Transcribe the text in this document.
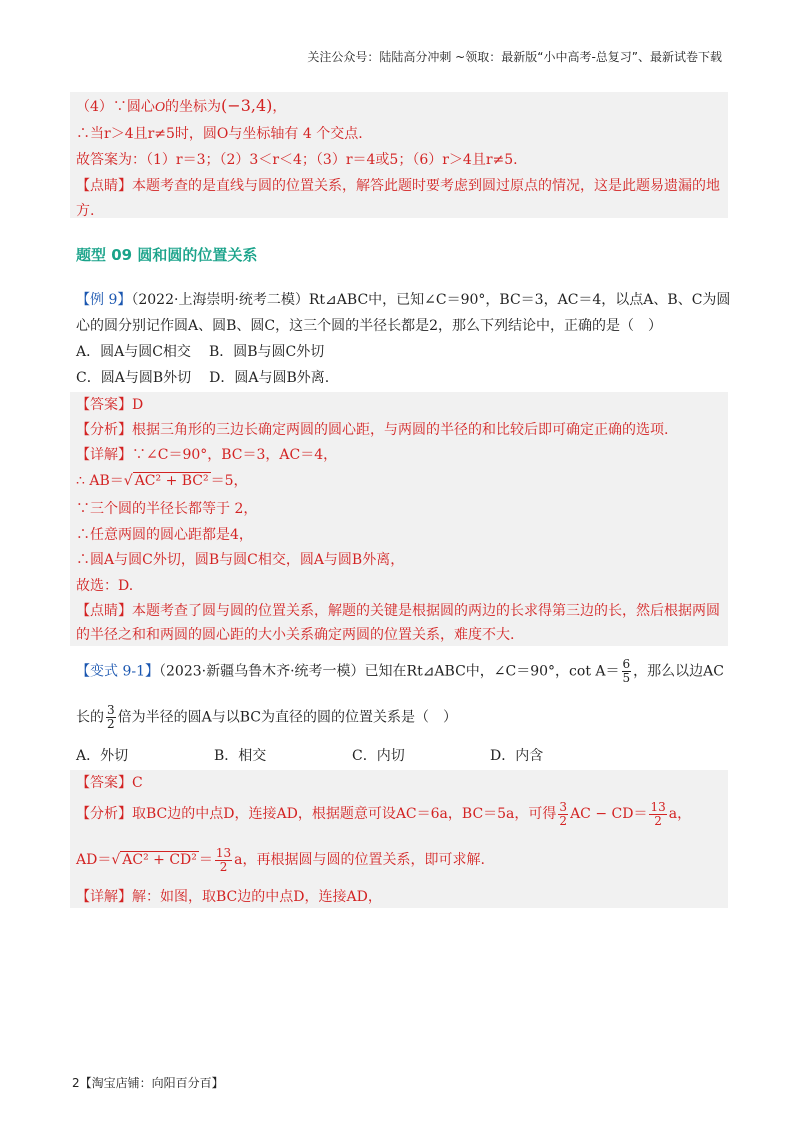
关注公众号：陆陆高分冲刺 ~领取：最新版“小中高考-总复习”、最新试卷下载
（4）∵圆心O的坐标为(−3,4)，
∴当r＞4且r≠5时，圆O与坐标轴有 4 个交点.
故答案为：（1）r＝3；（2）3＜r＜4；（3）r＝4或5；（6）r＞4且r≠5.
【点睛】本题考查的是直线与圆的位置关系，解答此题时要考虑到圆过原点的情况，这是此题易遗漏的地
方.
题型 09 圆和圆的位置关系
【例 9】（2022·上海崇明·统考二模）Rt⊿ABC中，已知∠C＝90°，BC＝3，AC＝4，以点A、B、C为圆
心的圆分别记作圆A、圆B、圆C，这三个圆的半径长都是2，那么下列结论中，正确的是（　）
A．圆A与圆C相交 B．圆B与圆C外切
C．圆A与圆B外切 D．圆A与圆B外离.
【答案】D
【分析】根据三角形的三边长确定两圆的圆心距，与两圆的半径的和比较后即可确定正确的选项.
【详解】∵∠C＝90°，BC＝3，AC＝4，
∴ AB＝√ AC² + BC² ＝5，
∵三个圆的半径长都等于 2，
∴任意两圆的圆心距都是4，
∴圆A与圆C外切，圆B与圆C相交，圆A与圆B外离，
故选：D.
【点睛】本题考查了圆与圆的位置关系，解题的关键是根据圆的两边的长求得第三边的长，然后根据两圆
的半径之和和两圆的圆心距的大小关系确定两圆的位置关系，难度不大.
【变式 9-1】（2023·新疆乌鲁木齐·统考一模）已知在Rt⊿ABC中，∠C＝90°，$\cot A= \frac{6}{5}$ ，那么以边AC
长的 $\frac{3}{2}$ 倍为半径的圆A与以BC为直径的圆的位置关系是（　）
A．外切	B．相交	C．内切	D．内含
【答案】C
【分析】取BC边的中点D，连接AD，根据题意可设AC＝6a，BC＝5a，可得 $\frac{3}{2}$ AC − $CD= \frac{13}{2}$ a，
AD＝√ $AC^2 + CD^2 = \frac{13}{2}$ a，再根据圆与圆的位置关系，即可求解.
【详解】解：如图，取BC边的中点D，连接AD，
2【淘宝店铺：向阳百分百】
